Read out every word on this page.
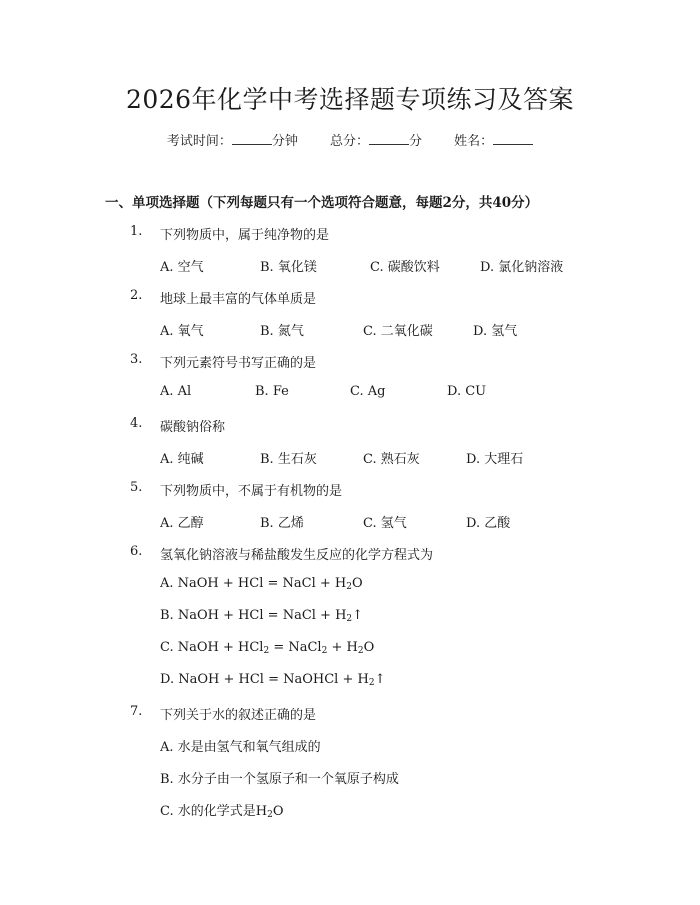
2026年化学中考选择题专项练习及答案
考试时间：	分钟 总分：	分 姓名：
一、单项选择题（下列每题只有一个选项符合题意，每题2分，共40分）
1. 下列物质中，属于纯净物的是
A. 空气	B. 氧化镁	C. 碳酸饮料	D. 氯化钠溶液
2. 地球上最丰富的气体单质是
A. 氧气	B. 氮气	C. 二氧化碳	D. 氢气
3. 下列元素符号书写正确的是
A. Al	B. Fe	C. Ag	D. CU
4. 碳酸钠俗称
A. 纯碱	B. 生石灰	C. 熟石灰	D. 大理石
5. 下列物质中，不属于有机物的是
A. 乙醇	B. 乙烯	C. 氢气	D. 乙酸
6. 氢氧化钠溶液与稀盐酸发生反应的化学方程式为
A. NaOH + HCl = NaCl + $H_2O$
B. NaOH + HCl = NaCl + $H_2↑$
C. NaOH + HCl$_2$ = NaCl$_2$ + $H_2O$
D. NaOH + HCl = NaOHCl + $H_2↑$
7. 下列关于水的叙述正确的是
A. 水是由氢气和氧气组成的
B. 水分子由一个氢原子和一个氧原子构成
C. 水的化学式是$H_2O$
